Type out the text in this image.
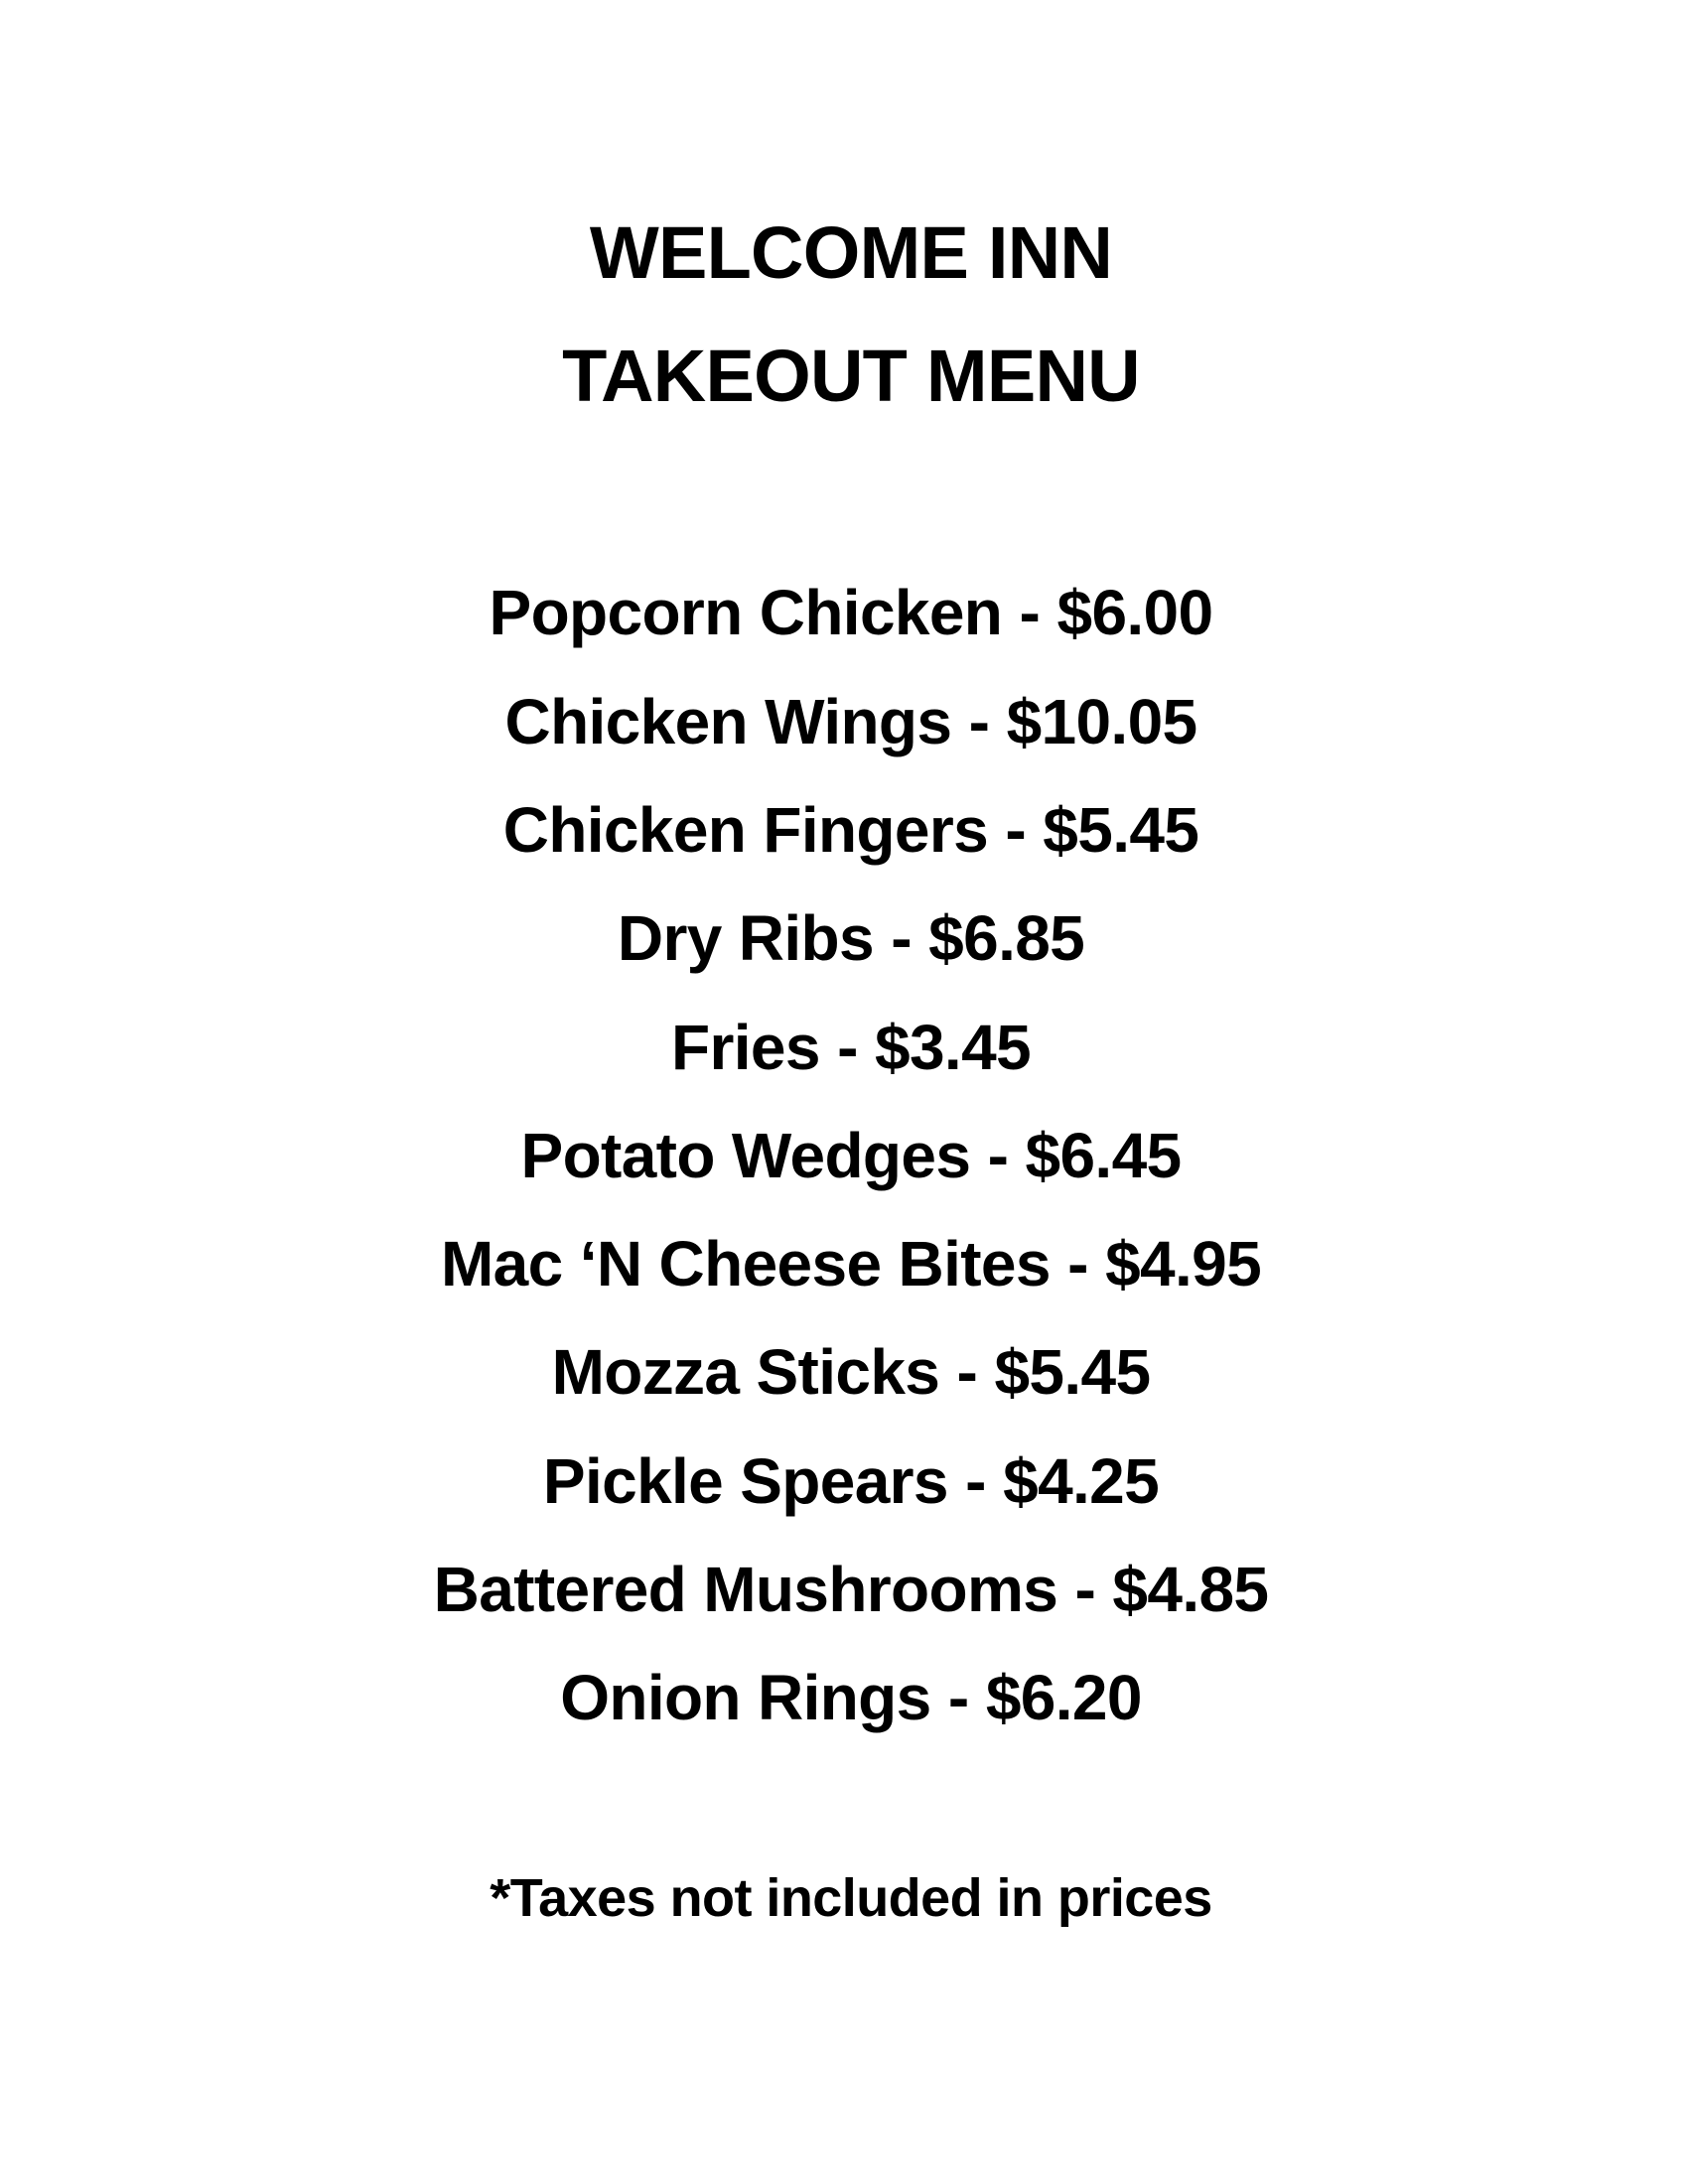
WELCOME INN
TAKEOUT MENU
Popcorn Chicken - $6.00
Chicken Wings - $10.05
Chicken Fingers - $5.45
Dry Ribs - $6.85
Fries - $3.45
Potato Wedges - $6.45
Mac ‘N Cheese Bites - $4.95
Mozza Sticks - $5.45
Pickle Spears - $4.25
Battered Mushrooms - $4.85
Onion Rings - $6.20

*Taxes not included in prices
